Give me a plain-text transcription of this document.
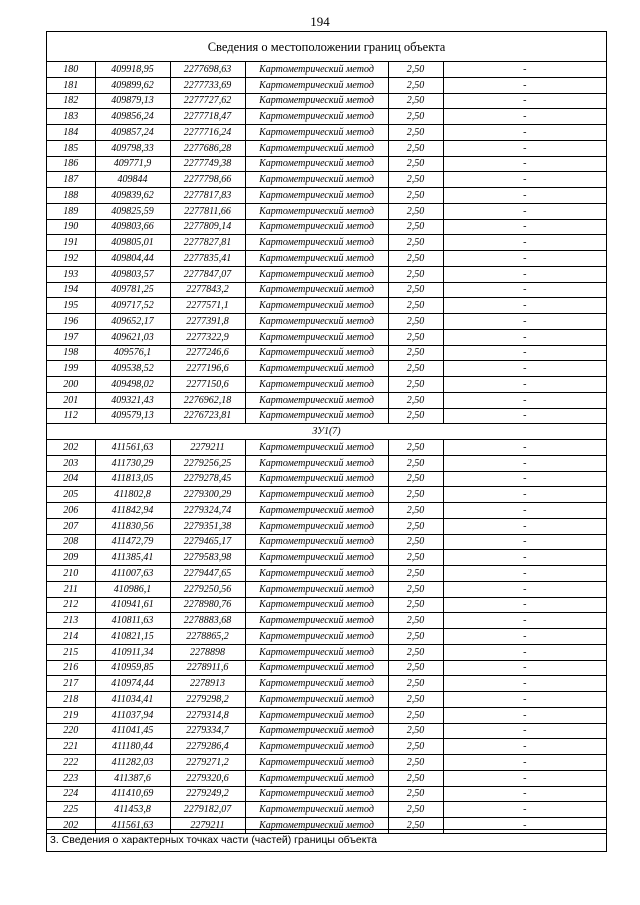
194
Сведения о местоположении границ объекта
180	409918,95	2277698,63	Картометрический метод	2,50	-
181	409899,62	2277733,69	Картометрический метод	2,50	-
182	409879,13	2277727,62	Картометрический метод	2,50	-
183	409856,24	2277718,47	Картометрический метод	2,50	-
184	409857,24	2277716,24	Картометрический метод	2,50	-
185	409798,33	2277686,28	Картометрический метод	2,50	-
186	409771,9	2277749,38	Картометрический метод	2,50	-
187	409844	2277798,66	Картометрический метод	2,50	-
188	409839,62	2277817,83	Картометрический метод	2,50	-
189	409825,59	2277811,66	Картометрический метод	2,50	-
190	409803,66	2277809,14	Картометрический метод	2,50	-
191	409805,01	2277827,81	Картометрический метод	2,50	-
192	409804,44	2277835,41	Картометрический метод	2,50	-
193	409803,57	2277847,07	Картометрический метод	2,50	-
194	409781,25	2277843,2	Картометрический метод	2,50	-
195	409717,52	2277571,1	Картометрический метод	2,50	-
196	409652,17	2277391,8	Картометрический метод	2,50	-
197	409621,03	2277322,9	Картометрический метод	2,50	-
198	409576,1	2277246,6	Картометрический метод	2,50	-
199	409538,52	2277196,6	Картометрический метод	2,50	-
200	409498,02	2277150,6	Картометрический метод	2,50	-
201	409321,43	2276962,18	Картометрический метод	2,50	-
112	409579,13	2276723,81	Картометрический метод	2,50	-
ЗУ1(7)					
202	411561,63	2279211	Картометрический метод	2,50	-
203	411730,29	2279256,25	Картометрический метод	2,50	-
204	411813,05	2279278,45	Картометрический метод	2,50	-
205	411802,8	2279300,29	Картометрический метод	2,50	-
206	411842,94	2279324,74	Картометрический метод	2,50	-
207	411830,56	2279351,38	Картометрический метод	2,50	-
208	411472,79	2279465,17	Картометрический метод	2,50	-
209	411385,41	2279583,98	Картометрический метод	2,50	-
210	411007,63	2279447,65	Картометрический метод	2,50	-
211	410986,1	2279250,56	Картометрический метод	2,50	-
212	410941,61	2278980,76	Картометрический метод	2,50	-
213	410811,63	2278883,68	Картометрический метод	2,50	-
214	410821,15	2278865,2	Картометрический метод	2,50	-
215	410911,34	2278898	Картометрический метод	2,50	-
216	410959,85	2278911,6	Картометрический метод	2,50	-
217	410974,44	2278913	Картометрический метод	2,50	-
218	411034,41	2279298,2	Картометрический метод	2,50	-
219	411037,94	2279314,8	Картометрический метод	2,50	-
220	411041,45	2279334,7	Картометрический метод	2,50	-
221	411180,44	2279286,4	Картометрический метод	2,50	-
222	411282,03	2279271,2	Картометрический метод	2,50	-
223	411387,6	2279320,6	Картометрический метод	2,50	-
224	411410,69	2279249,2	Картометрический метод	2,50	-
225	411453,8	2279182,07	Картометрический метод	2,50	-
202	411561,63	2279211	Картометрический метод	2,50	-
3. Сведения о характерных точках части (частей) границы объекта
